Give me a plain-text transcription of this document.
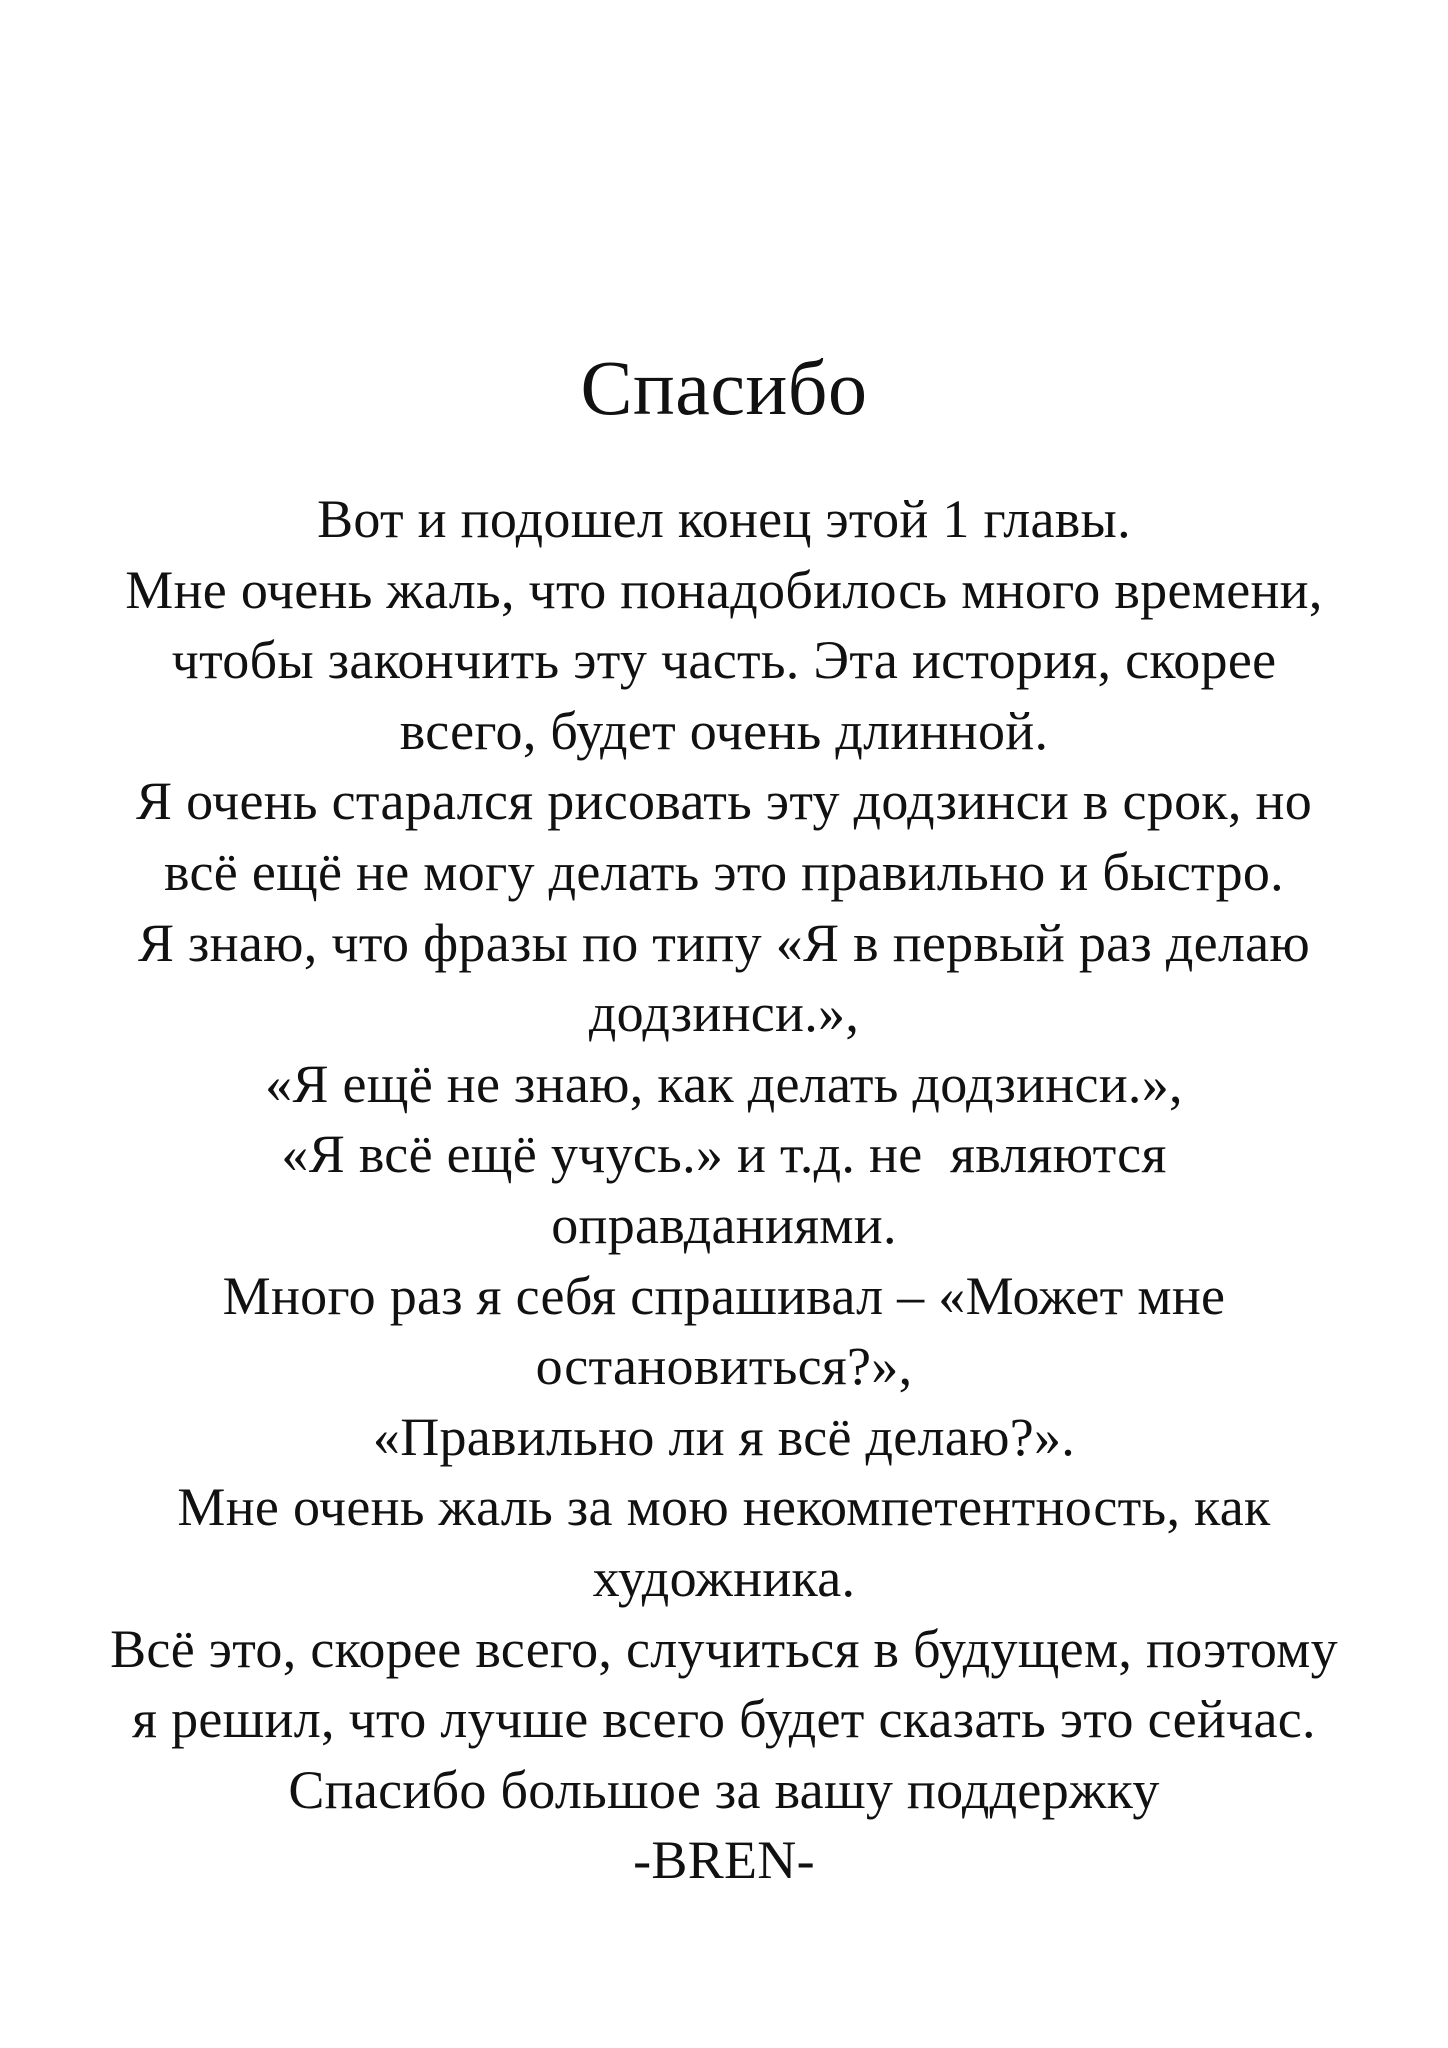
Спасибо
Вот и подошел конец этой 1 главы.
Мне очень жаль, что понадобилось много времени,
чтобы закончить эту часть. Эта история, скорее
всего, будет очень длинной.
Я очень старался рисовать эту додзинси в срок, но
всё ещё не могу делать это правильно и быстро.
Я знаю, что фразы по типу «Я в первый раз делаю
додзинси.»,
«Я ещё не знаю, как делать додзинси.»,
«Я всё ещё учусь.» и т.д. не  являются
оправданиями.
Много раз я себя спрашивал – «Может мне
остановиться?»,
«Правильно ли я всё делаю?».
Мне очень жаль за мою некомпетентность, как
художника.
Всё это, скорее всего, случиться в будущем, поэтому
я решил, что лучше всего будет сказать это сейчас.
Спасибо большое за вашу поддержку
-BREN-
